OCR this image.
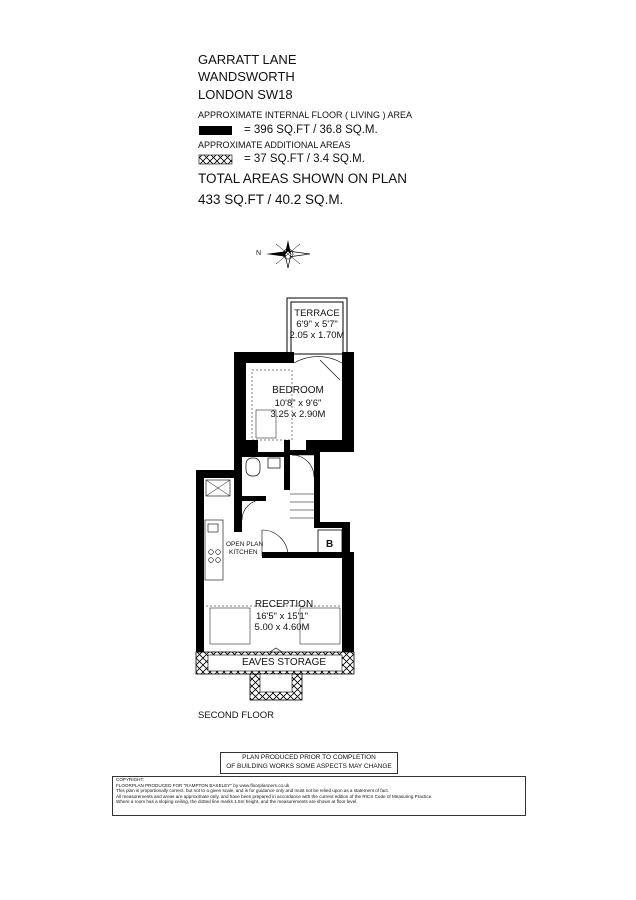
GARRATT LANE
WANDSWORTH
LONDON SW18
APPROXIMATE INTERNAL FLOOR ( LIVING ) AREA
= 396 SQ.FT / 36.8 SQ.M.
APPROXIMATE ADDITIONAL AREAS
= 37 SQ.FT / 3.4 SQ.M.
TOTAL AREAS SHOWN ON PLAN
433 SQ.FT / 40.2 SQ.M.
TERRACE
6'9" x 5'7"
2.05 x 1.70M
BEDROOM
10'8" x 9'6"
3.25 x 2.90M
OPEN PLAN
KITCHEN
B
RECEPTION
16'5" x 15'1"
5.00 x 4.60M
EAVES STORAGE
SECOND FLOOR
PLAN PRODUCED PRIOR TO COMPLETION
OF BUILDING WORKS SOME ASPECTS MAY CHANGE
COPYRIGHT:
FLOORPLAN PRODUCED FOR "RAMPTON BASELEY" by www.floorplanners.co.uk
This plan is proportionally correct, but not to a given scale, and is for guidance only and must not be relied upon as a statement of fact.
All measurements and areas are approximate only, and have been prepared in accordance with the current edition of the RICS Code of Measuring Practice.
Where a room has a sloping ceiling, the dotted line marks 1.5m height, and the measurements are shown at floor level.
N
